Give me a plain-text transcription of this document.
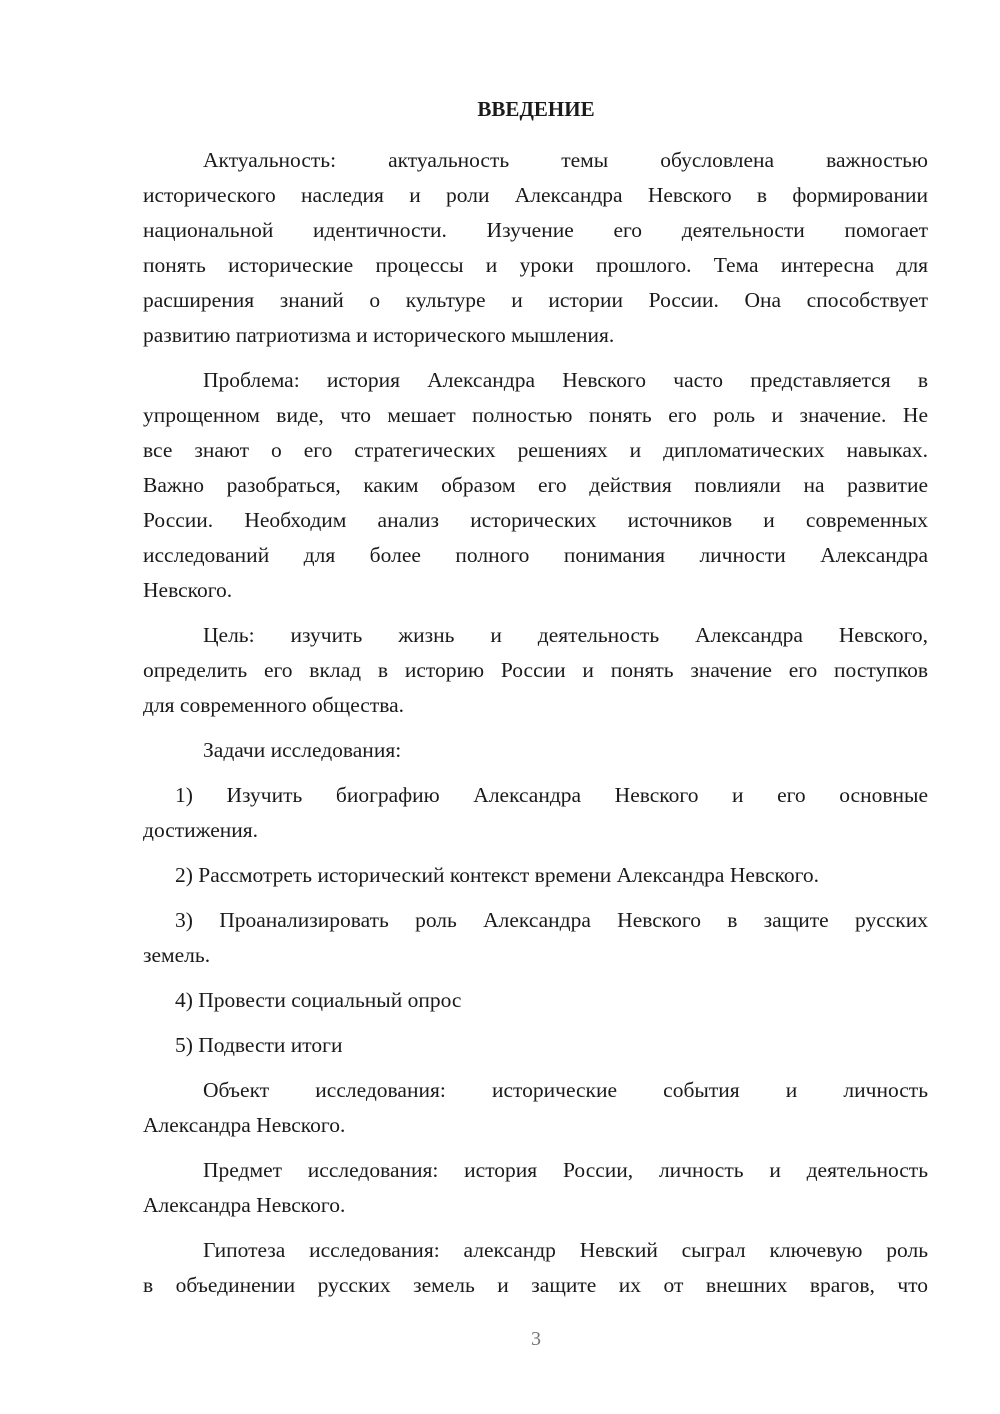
ВВЕДЕНИЕ
Актуальность: актуальность темы обусловлена важностью
исторического наследия и роли Александра Невского в формировании
национальной идентичности. Изучение его деятельности помогает
понять исторические процессы и уроки прошлого. Тема интересна для
расширения знаний о культуре и истории России. Она способствует
развитию патриотизма и исторического мышления.
Проблема: история Александра Невского часто представляется в
упрощенном виде, что мешает полностью понять его роль и значение. Не
все знают о его стратегических решениях и дипломатических навыках.
Важно разобраться, каким образом его действия повлияли на развитие
России. Необходим анализ исторических источников и современных
исследований для более полного понимания личности Александра
Невского.
Цель: изучить жизнь и деятельность Александра Невского,
определить его вклад в историю России и понять значение его поступков
для современного общества.
Задачи исследования:
1) Изучить биографию Александра Невского и его основные
достижения.
2) Рассмотреть исторический контекст времени Александра Невского.
3) Проанализировать роль Александра Невского в защите русских
земель.
4) Провести социальный опрос
5) Подвести итоги
Объект исследования: исторические события и личность
Александра Невского.
Предмет исследования: история России, личность и деятельность
Александра Невского.
Гипотеза исследования: александр Невский сыграл ключевую роль
в объединении русских земель и защите их от внешних врагов, что
3
